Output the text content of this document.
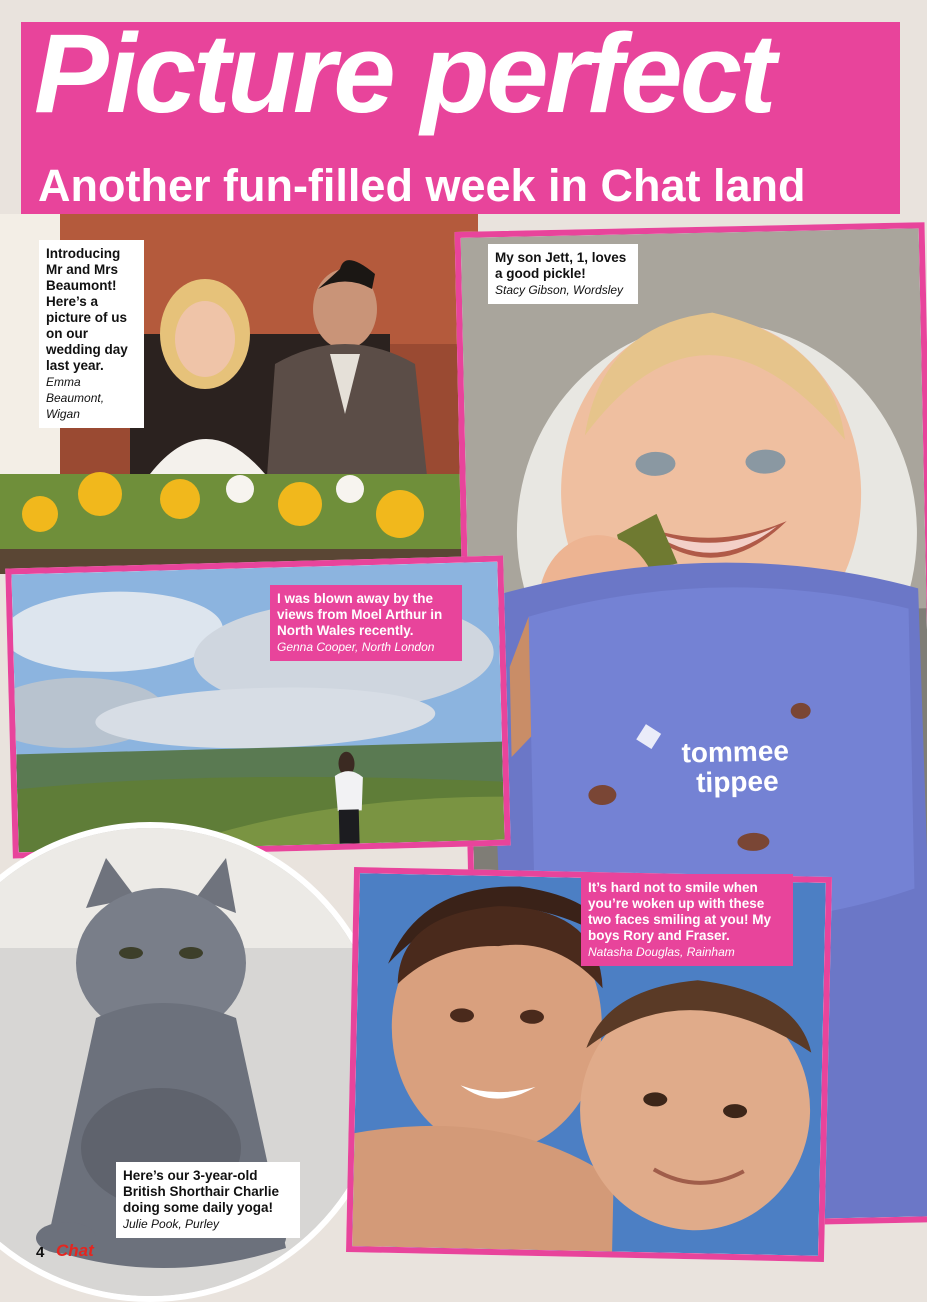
Picture perfect
Another fun-filled week in Chat land
Introducing Mr and Mrs Beaumont! Here’s a picture of us on our wedding day last year.
Emma Beaumont, Wigan
tommee
tippee
My son Jett, 1, loves a good pickle!
Stacy Gibson, Wordsley
I was blown away by the views from Moel Arthur in North Wales recently.
Genna Cooper, North London
Here’s our 3-year-old British Shorthair Charlie doing some daily yoga!
Julie Pook, Purley
It’s hard not to smile when you’re woken up with these two faces smiling at you! My boys Rory and Fraser.
Natasha Douglas, Rainham
4 Chat
